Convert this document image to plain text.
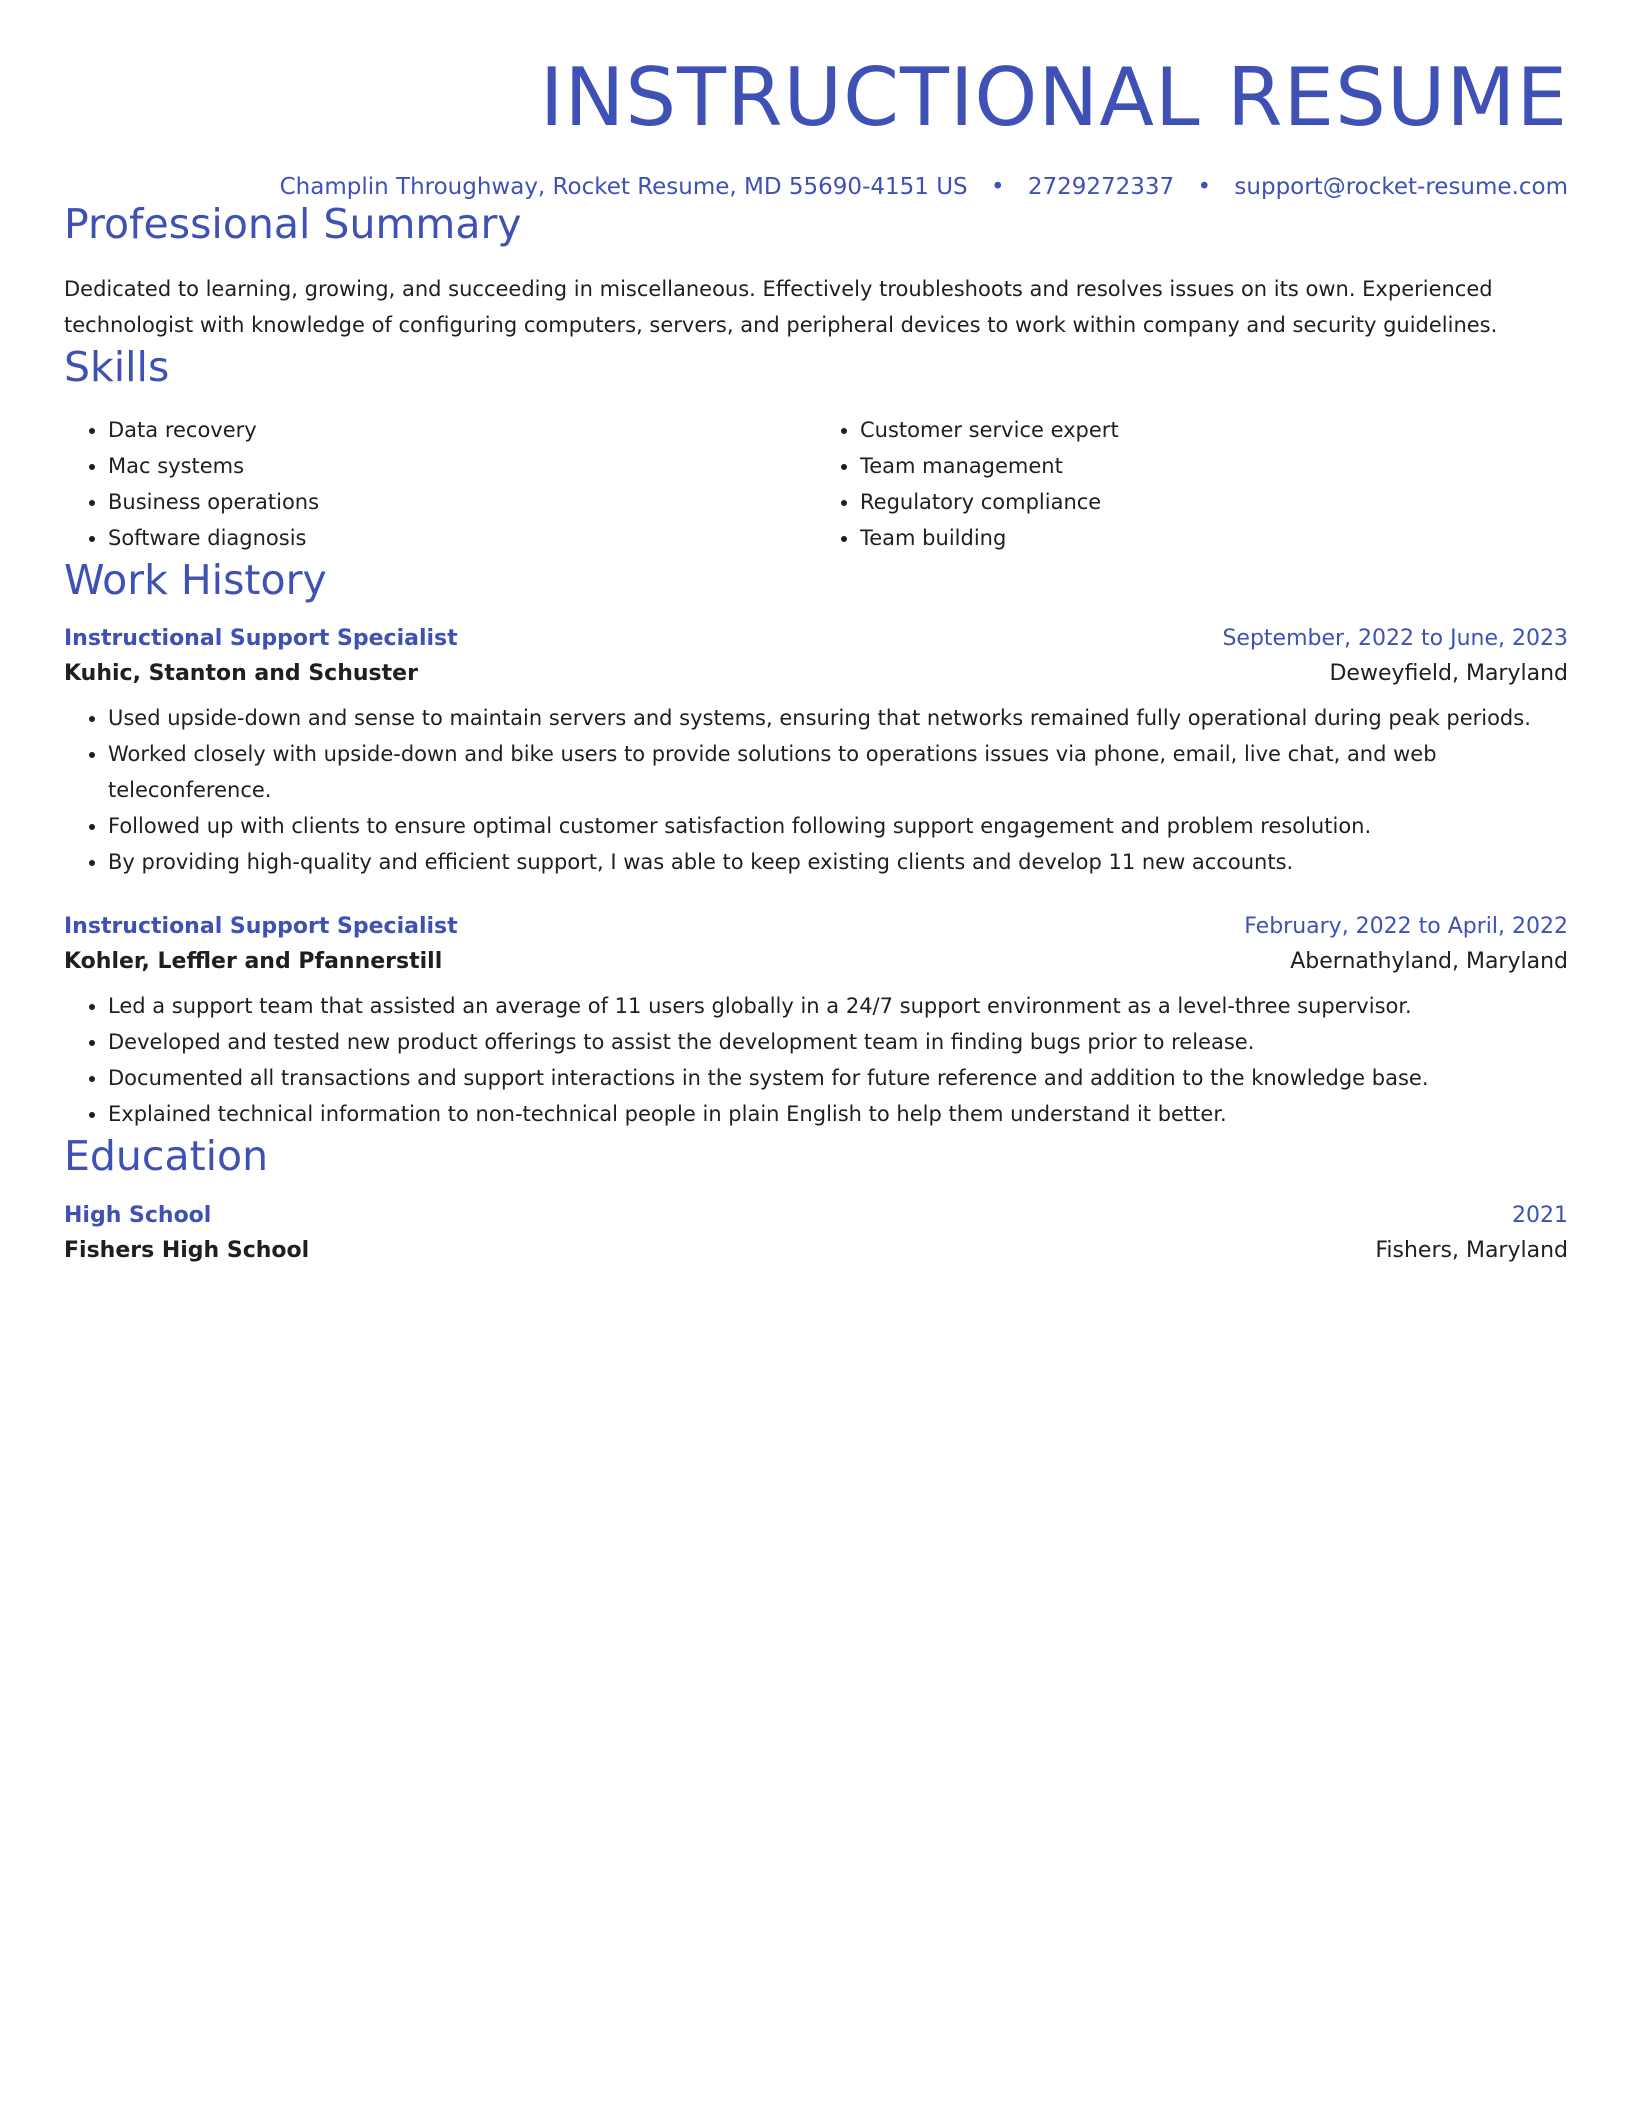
INSTRUCTIONAL RESUME
Champlin Throughway, Rocket Resume, MD 55690-4151 US • 2729272337 • support@rocket-resume.com
Professional Summary
Dedicated to learning, growing, and succeeding in miscellaneous. Effectively troubleshoots and resolves issues on its own. Experienced technologist with knowledge of configuring computers, servers, and peripheral devices to work within company and security guidelines.
Skills
• Data recovery
• Mac systems
• Business operations
• Software diagnosis
• Customer service expert
• Team management
• Regulatory compliance
• Team building
Work History
Instructional Support Specialist	September, 2022 to June, 2023
Kuhic, Stanton and Schuster	Deweyfield, Maryland
• Used upside-down and sense to maintain servers and systems, ensuring that networks remained fully operational during peak periods.
• Worked closely with upside-down and bike users to provide solutions to operations issues via phone, email, live chat, and web teleconference.
• Followed up with clients to ensure optimal customer satisfaction following support engagement and problem resolution.
• By providing high-quality and efficient support, I was able to keep existing clients and develop 11 new accounts.
Instructional Support Specialist	February, 2022 to April, 2022
Kohler, Leffler and Pfannerstill	Abernathyland, Maryland
• Led a support team that assisted an average of 11 users globally in a 24/7 support environment as a level-three supervisor.
• Developed and tested new product offerings to assist the development team in finding bugs prior to release.
• Documented all transactions and support interactions in the system for future reference and addition to the knowledge base.
• Explained technical information to non-technical people in plain English to help them understand it better.
Education
High School	2021
Fishers High School	Fishers, Maryland
